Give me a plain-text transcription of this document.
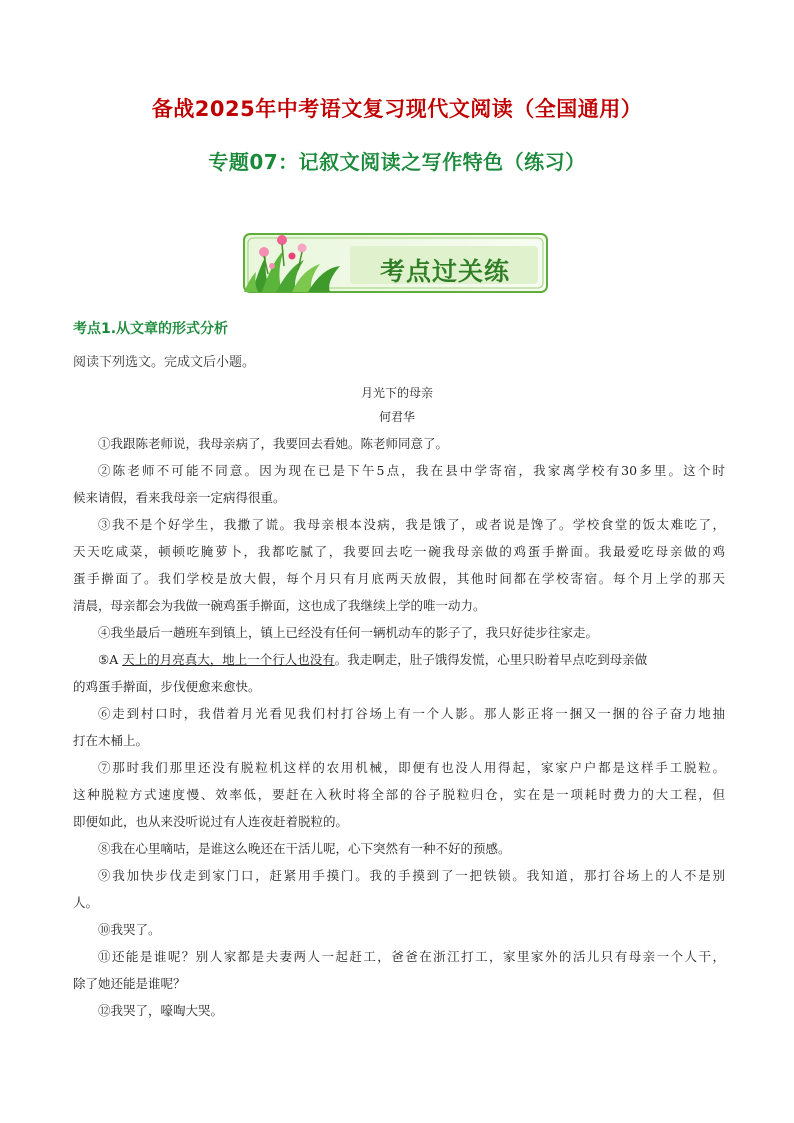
备战2025年中考语文复习现代文阅读（全国通用）
专题07：记叙文阅读之写作特色（练习）
考点过关练
考点1.从文章的形式分析
阅读下列选文。完成文后小题。
月光下的母亲
何君华
①我跟陈老师说，我母亲病了，我要回去看她。陈老师同意了。
②陈老师不可能不同意。因为现在已是下午5点，我在县中学寄宿，我家离学校有30多里。这个时
候来请假，看来我母亲一定病得很重。
③我不是个好学生，我撒了谎。我母亲根本没病，我是饿了，或者说是馋了。学校食堂的饭太难吃了，
天天吃咸菜，顿顿吃腌萝卜，我都吃腻了，我要回去吃一碗我母亲做的鸡蛋手擀面。我最爱吃母亲做的鸡
蛋手擀面了。我们学校是放大假，每个月只有月底两天放假，其他时间都在学校寄宿。每个月上学的那天
清晨，母亲都会为我做一碗鸡蛋手擀面，这也成了我继续上学的唯一动力。
④我坐最后一趟班车到镇上，镇上已经没有任何一辆机动车的影子了，我只好徒步往家走。
⑤A 天上的月亮真大，地上一个行人也没有。我走啊走，肚子饿得发慌，心里只盼着早点吃到母亲做
的鸡蛋手擀面，步伐便愈来愈快。
⑥走到村口时，我借着月光看见我们村打谷场上有一个人影。那人影正将一捆又一捆的谷子奋力地抽
打在木桶上。
⑦那时我们那里还没有脱粒机这样的农用机械，即便有也没人用得起，家家户户都是这样手工脱粒。
这种脱粒方式速度慢、效率低，要赶在入秋时将全部的谷子脱粒归仓，实在是一项耗时费力的大工程，但
即便如此，也从来没听说过有人连夜赶着脱粒的。
⑧我在心里嘀咕，是谁这么晚还在干活儿呢，心下突然有一种不好的预感。
⑨我加快步伐走到家门口，赶紧用手摸门。我的手摸到了一把铁锁。我知道，那打谷场上的人不是别
人。
⑩我哭了。
⑪还能是谁呢？别人家都是夫妻两人一起赶工，爸爸在浙江打工，家里家外的活儿只有母亲一个人干，
除了她还能是谁呢？
⑫我哭了，嚎啕大哭。
